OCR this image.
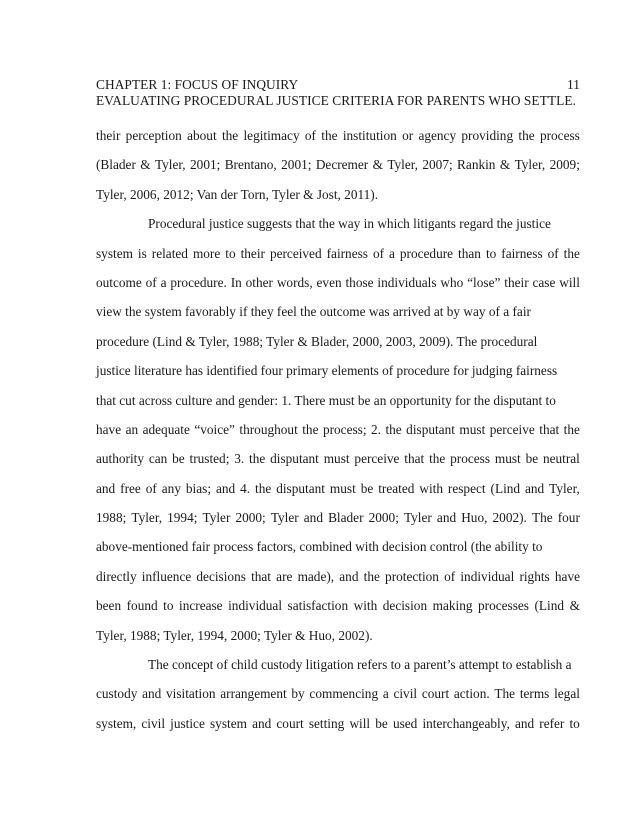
CHAPTER 1: FOCUS OF INQUIRY	11
EVALUATING PROCEDURAL JUSTICE CRITERIA FOR PARENTS WHO SETTLE.
their perception about the legitimacy of the institution or agency providing the process
(Blader & Tyler, 2001; Brentano, 2001; Decremer & Tyler, 2007; Rankin & Tyler, 2009;
Tyler, 2006, 2012; Van der Torn, Tyler & Jost, 2011).
Procedural justice suggests that the way in which litigants regard the justice
system is related more to their perceived fairness of a procedure than to fairness of the
outcome of a procedure. In other words, even those individuals who “lose” their case will
view the system favorably if they feel the outcome was arrived at by way of a fair
procedure (Lind & Tyler, 1988; Tyler & Blader, 2000, 2003, 2009). The procedural
justice literature has identified four primary elements of procedure for judging fairness
that cut across culture and gender: 1. There must be an opportunity for the disputant to
have an adequate “voice” throughout the process; 2. the disputant must perceive that the
authority can be trusted; 3. the disputant must perceive that the process must be neutral
and free of any bias; and 4. the disputant must be treated with respect (Lind and Tyler,
1988; Tyler, 1994; Tyler 2000; Tyler and Blader 2000; Tyler and Huo, 2002). The four
above-mentioned fair process factors, combined with decision control (the ability to
directly influence decisions that are made), and the protection of individual rights have
been found to increase individual satisfaction with decision making processes (Lind &
Tyler, 1988; Tyler, 1994, 2000; Tyler & Huo, 2002).
The concept of child custody litigation refers to a parent’s attempt to establish a
custody and visitation arrangement by commencing a civil court action. The terms legal
system, civil justice system and court setting will be used interchangeably, and refer to
